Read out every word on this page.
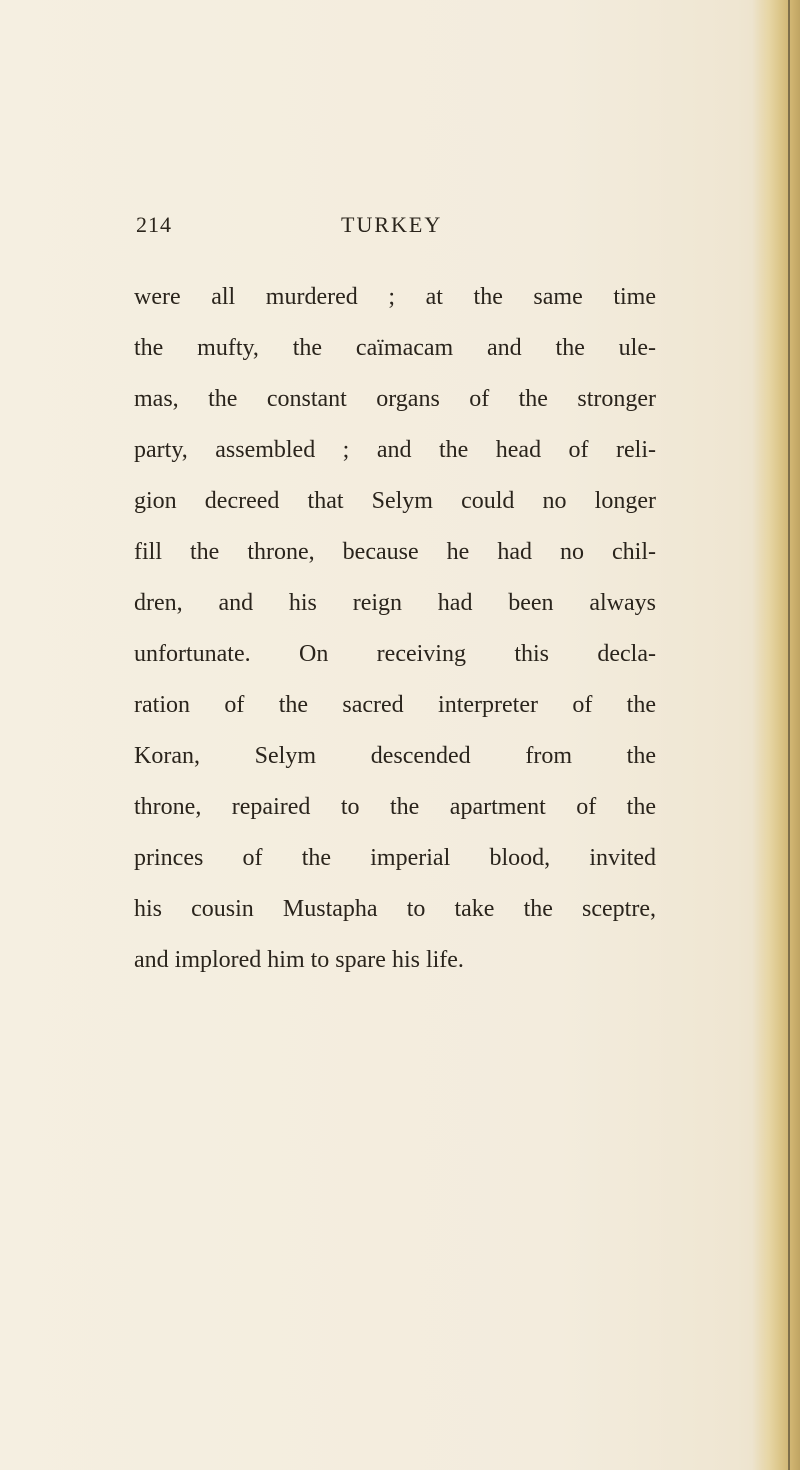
214	TURKEY
were all murdered ; at the same time
the mufty, the caïmacam and the ule-
mas, the constant organs of the stronger
party, assembled ; and the head of reli-
gion decreed that Selym could no longer
fill the throne, because he had no chil-
dren, and his reign had been always
unfortunate. On receiving this decla-
ration of the sacred interpreter of the
Koran, Selym descended from the
throne, repaired to the apartment of the
princes of the imperial blood, invited
his cousin Mustapha to take the sceptre,
and implored him to spare his life.
